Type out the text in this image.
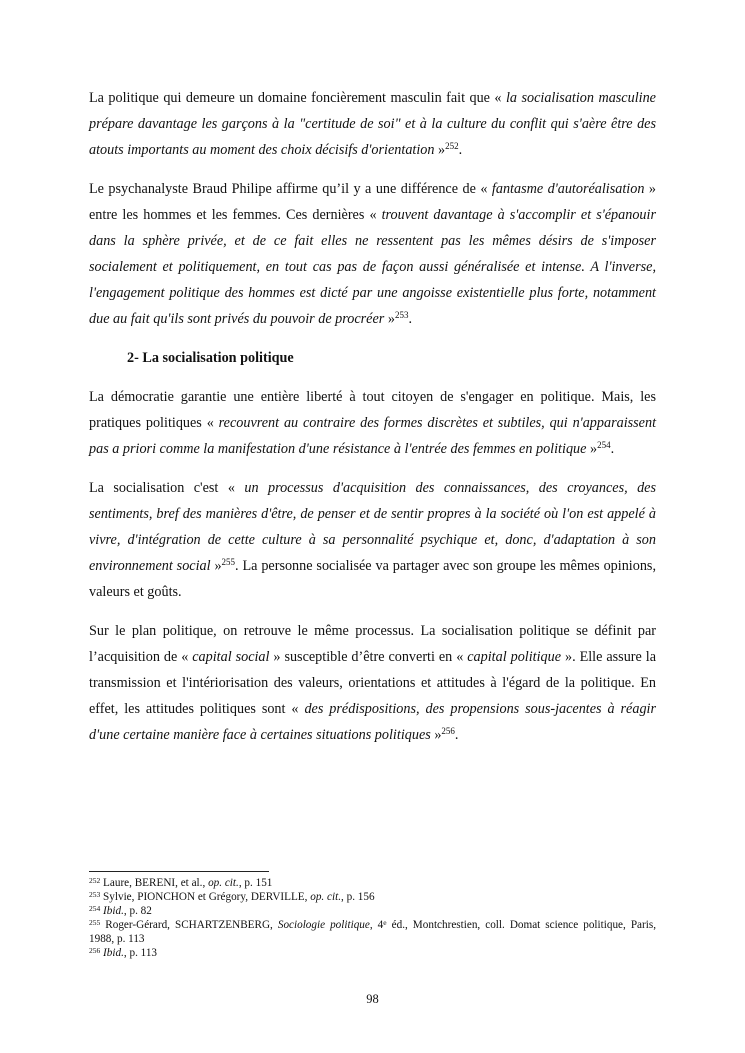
La politique qui demeure un domaine foncièrement masculin fait que « la socialisation masculine prépare davantage les garçons à la "certitude de soi" et à la culture du conflit qui s'aère être des atouts importants au moment des choix décisifs d'orientation »$^{252}$.

Le psychanalyste Braud Philipe affirme qu’il y a une différence de « fantasme d'autoréalisation » entre les hommes et les femmes. Ces dernières « trouvent davantage à s'accomplir et s'épanouir dans la sphère privée, et de ce fait elles ne ressentent pas les mêmes désirs de s'imposer socialement et politiquement, en tout cas pas de façon aussi généralisée et intense. A l'inverse, l'engagement politique des hommes est dicté par une angoisse existentielle plus forte, notamment due au fait qu'ils sont privés du pouvoir de procréer »$^{253}$.

2- La socialisation politique

La démocratie garantie une entière liberté à tout citoyen de s'engager en politique. Mais, les pratiques politiques « recouvrent au contraire des formes discrètes et subtiles, qui n'apparaissent pas a priori comme la manifestation d'une résistance à l'entrée des femmes en politique »$^{254}$.

La socialisation c'est « un processus d'acquisition des connaissances, des croyances, des sentiments, bref des manières d'être, de penser et de sentir propres à la société où l'on est appelé à vivre, d'intégration de cette culture à sa personnalité psychique et, donc, d'adaptation à son environnement social »$^{255}$. La personne socialisée va partager avec son groupe les mêmes opinions, valeurs et goûts.

Sur le plan politique, on retrouve le même processus. La socialisation politique se définit par l’acquisition de « capital social » susceptible d’être converti en « capital politique ». Elle assure la transmission et l'intériorisation des valeurs, orientations et attitudes à l'égard de la politique. En effet, les attitudes politiques sont « des prédispositions, des propensions sous-jacentes à réagir d'une certaine manière face à certaines situations politiques »$^{256}$.

$^{252}$ Laure, BERENI, et al., op. cit., p. 151

$^{253}$ Sylvie, PIONCHON et Grégory, DERVILLE, op. cit., p. 156

$^{254}$ Ibid., p. 82

$^{255}$ Roger-Gérard, SCHARTZENBERG, Sociologie politique, 4e éd., Montchrestien, coll. Domat science politique, Paris, 1988, p. 113

$^{256}$ Ibid., p. 113

98
